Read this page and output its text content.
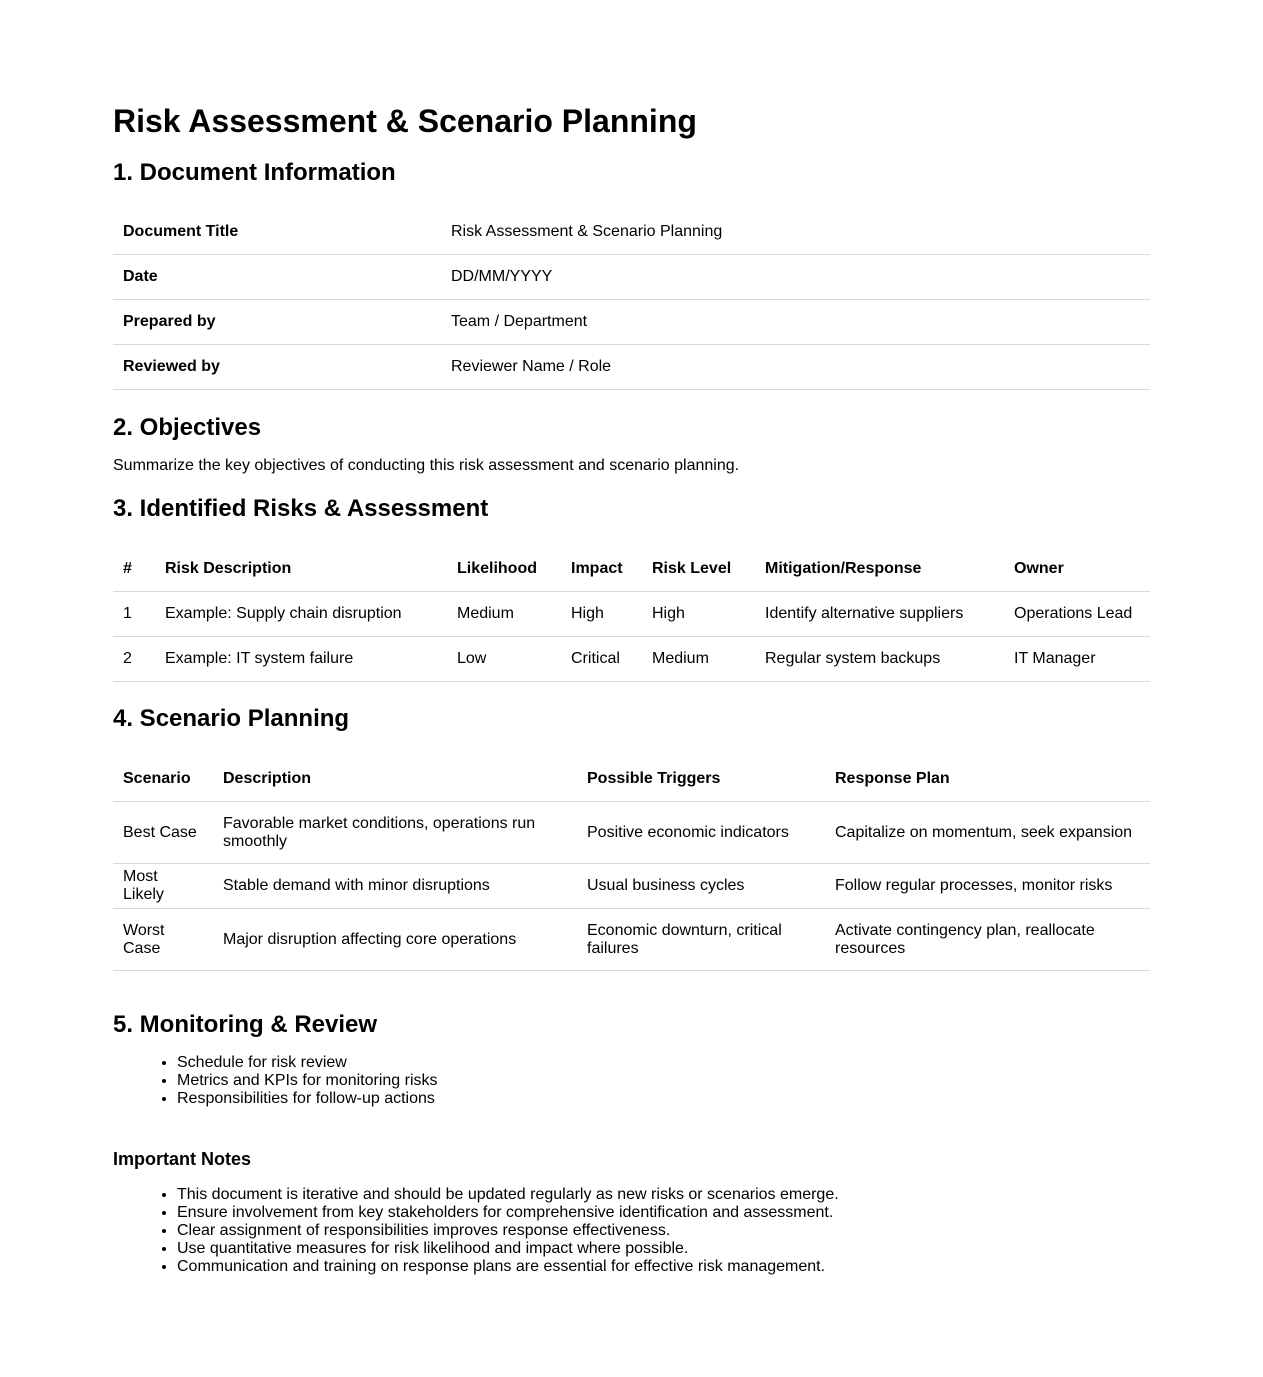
Risk Assessment & Scenario Planning
1. Document Information
Document Title	Risk Assessment & Scenario Planning
Date	DD/MM/YYYY
Prepared by	Team / Department
Reviewed by	Reviewer Name / Role
2. Objectives

Summarize the key objectives of conducting this risk assessment and scenario planning.

3. Identified Risks & Assessment
#	Risk Description	Likelihood	Impact	Risk Level	Mitigation/Response	Owner
1	Example: Supply chain disruption	Medium	High	High	Identify alternative suppliers	Operations Lead
2	Example: IT system failure	Low	Critical	Medium	Regular system backups	IT Manager
4. Scenario Planning
Scenario	Description	Possible Triggers	Response Plan
Best Case	Favorable market conditions, operations run smoothly	Positive economic indicators	Capitalize on momentum, seek expansion
Most Likely	Stable demand with minor disruptions	Usual business cycles	Follow regular processes, monitor risks
Worst Case	Major disruption affecting core operations	Economic downturn, critical failures	Activate contingency plan, reallocate resources
5. Monitoring & Review
• Schedule for risk review
• Metrics and KPIs for monitoring risks
• Responsibilities for follow-up actions
Important Notes
• This document is iterative and should be updated regularly as new risks or scenarios emerge.
• Ensure involvement from key stakeholders for comprehensive identification and assessment.
• Clear assignment of responsibilities improves response effectiveness.
• Use quantitative measures for risk likelihood and impact where possible.
• Communication and training on response plans are essential for effective risk management.
